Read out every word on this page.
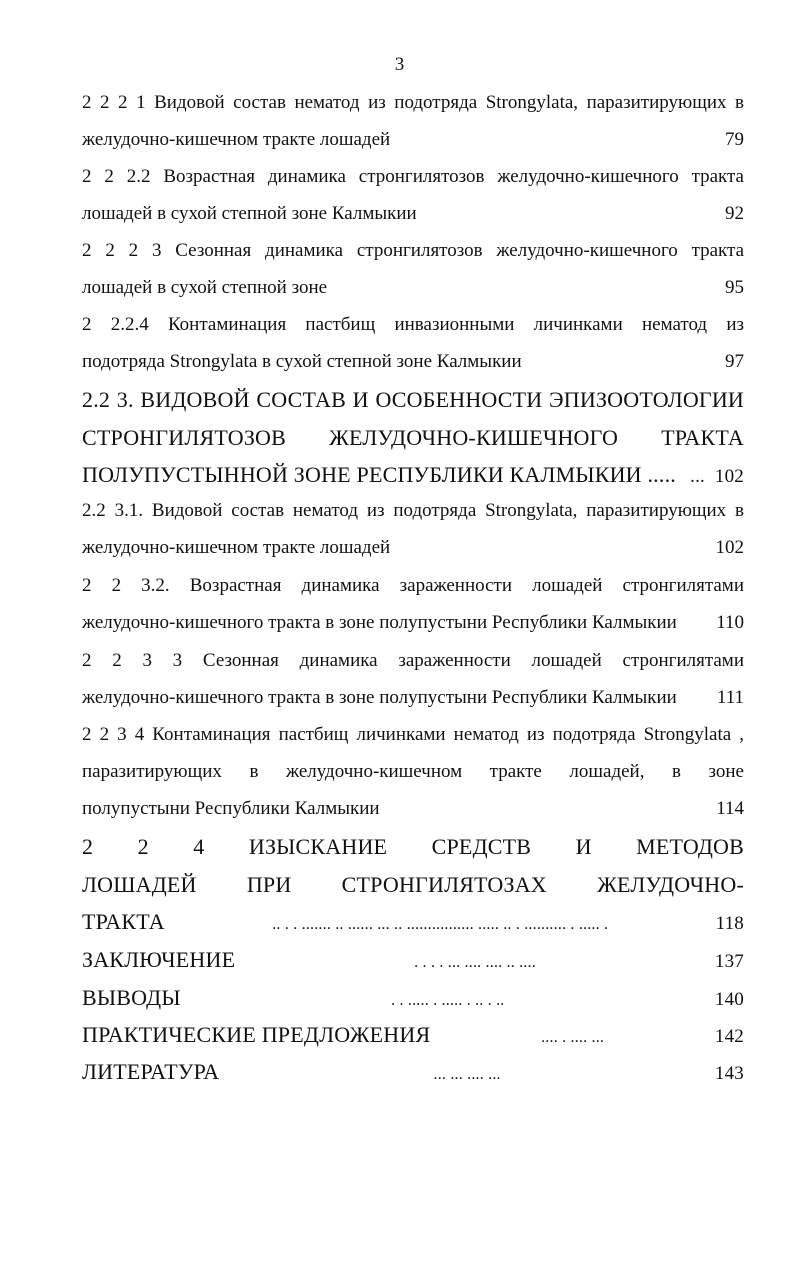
3
2 2 2 1 Видовой состав нематод из подотряда Strongylata, паразитирующих в
желудочно-кишечном тракте лошадей	79
2 2 2.2 Возрастная динамика стронгилятозов желудочно-кишечного тракта
лошадей в сухой степной зоне Калмыкии	92
2 2 2 3 Сезонная динамика стронгилятозов желудочно-кишечного тракта
лошадей в сухой степной зоне	95
2 2.2.4 Контаминация пастбищ инвазионными личинками нематод из
подотряда Strongylata в сухой степной зоне Калмыкии	97
2.2 3. ВИДОВОЙ СОСТАВ И ОСОБЕННОСТИ ЭПИЗООТОЛОГИИ
СТРОНГИЛЯТОЗОВ ЖЕЛУДОЧНО-КИШЕЧНОГО ТРАКТА
ПОЛУПУСТЫННОЙ ЗОНЕ РЕСПУБЛИКИ КАЛМЫКИИ ..... ... 102
2.2 3.1. Видовой состав нематод из подотряда Strongylata, паразитирующих в
желудочно-кишечном тракте лошадей	102
2 2 3.2. Возрастная динамика зараженности лошадей стронгилятами
желудочно-кишечного тракта в зоне полупустыни Республики Калмыкии 110
2 2 3 3 Сезонная динамика зараженности лошадей стронгилятами
желудочно-кишечного тракта в зоне полупустыни Республики Калмыкии 111
2 2 3 4 Контаминация пастбищ личинками нематод из подотряда Strongylata ,
паразитирующих в желудочно-кишечном тракте лошадей, в зоне
полупустыни Республики Калмыкии	114
2 2 4 ИЗЫСКАНИЕ СРЕДСТВ И МЕТОДОВ
ЛОШАДЕЙ ПРИ СТРОНГИЛЯТОЗАХ ЖЕЛУДОЧНО-
ТРАКТА	.. . . ....... .. ...... ... .. ................ ..... .. . .......... . ..... .	118
ЗАКЛЮЧЕНИЕ	. . . . ... .... .... .. ....	137
ВЫВОДЫ	. . ..... . ..... . .. . ..	140
ПРАКТИЧЕСКИЕ ПРЕДЛОЖЕНИЯ	.... . .... ...	142
ЛИТЕРАТУРА	... ... .... ...	143
